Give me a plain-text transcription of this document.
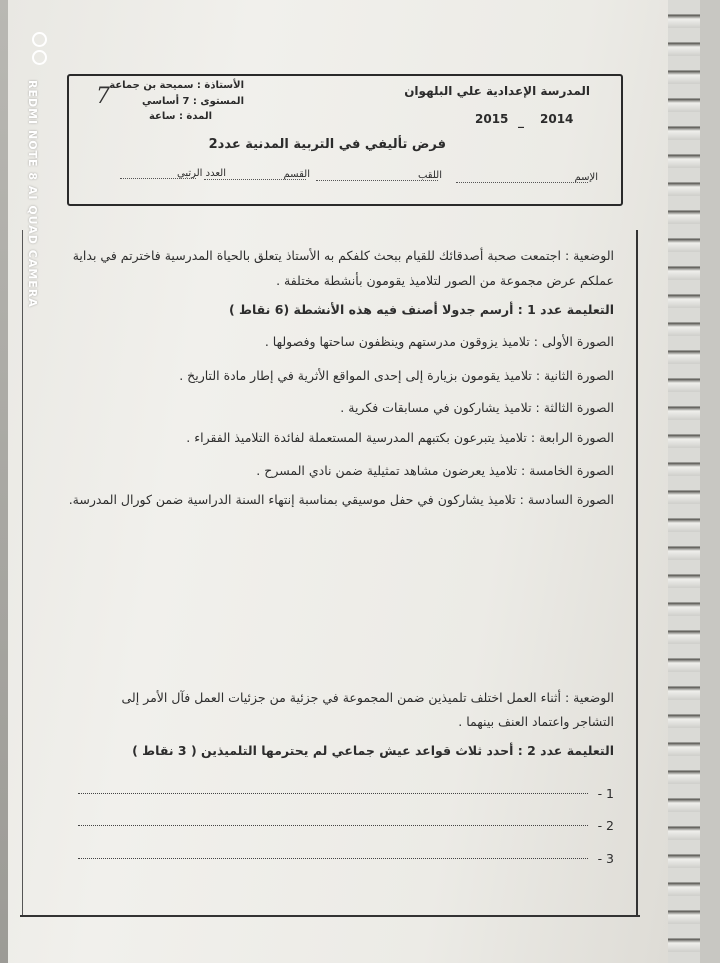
REDMI NOTE 8 AI QUAD CAMERA
المدرسة الإعدادية علي البلهوان
2015 _ 2014
الأستاذة : سميحة بن جماعة
المستوى : 7 أساسي
المدة : ساعة
7
فرض تأليفي في التربية المدنية عدد2
الإسم
اللقب
القسم
العدد الرتبي
الوضعية : اجتمعت صحبة أصدقائك للقيام ببحث كلفكم به الأستاذ يتعلق بالحياة المدرسية فاخترتم في بداية
عملكم عرض مجموعة من الصور لتلاميذ يقومون بأنشطة مختلفة .
التعليمة عدد 1 : أرسم جدولا أصنف فيه هذه الأنشطة (6 نقاط )
الصورة الأولى : تلاميذ يزوقون مدرستهم وينظفون ساحتها وفصولها .
الصورة الثانية : تلاميذ يقومون بزيارة إلى إحدى المواقع الأثرية في إطار مادة التاريخ .
الصورة الثالثة : تلاميذ يشاركون في مسابقات فكرية .
الصورة الرابعة : تلاميذ يتبرعون بكتبهم المدرسية المستعملة لفائدة التلاميذ الفقراء .
الصورة الخامسة : تلاميذ يعرضون مشاهد تمثيلية ضمن نادي المسرح .
الصورة السادسة : تلاميذ يشاركون في حفل موسيقي بمناسبة إنتهاء السنة الدراسية ضمن كورال المدرسة.
الوضعية : أثناء العمل اختلف تلميذين ضمن المجموعة في جزئية من جزئيات العمل فآل الأمر إلى
التشاجر واعتماد العنف بينهما .
التعليمة عدد 2 : أحدد ثلاث قواعد عيش جماعي لم يحترمها التلميذين ( 3 نقاط )
1 -
2 -
3 -
